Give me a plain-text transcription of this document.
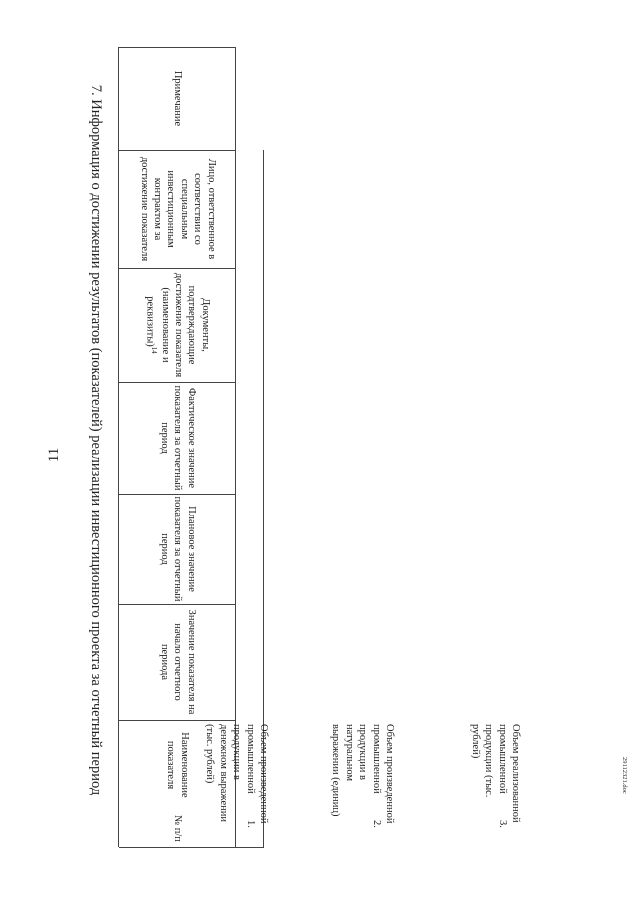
11	7. Информация о достижении результатов (показателей) реализации инвестиционного проекта за отчетный период
№ п/п
Наименование показателя
Значение показателя на начало отчетного периода
Плановое значение показателя за отчетный период
Фактическое значение показателя за отчетный период
Документы, подтверждающие достижение показателя (наименование и реквизиты)$^{14}$
Лицо, ответственное в соответствии со специальным инвестиционным контрактом за достижение показателя
Примечание
1.
Объем произведенной промышленной продукции в денежном выражении (тыс. рублей)
2.
Объем произведенной промышленной продукции в натуральном выражении (единиц)
3.
Объем реализованной промышленной продукции (тыс. рублей)
29112321.doc
